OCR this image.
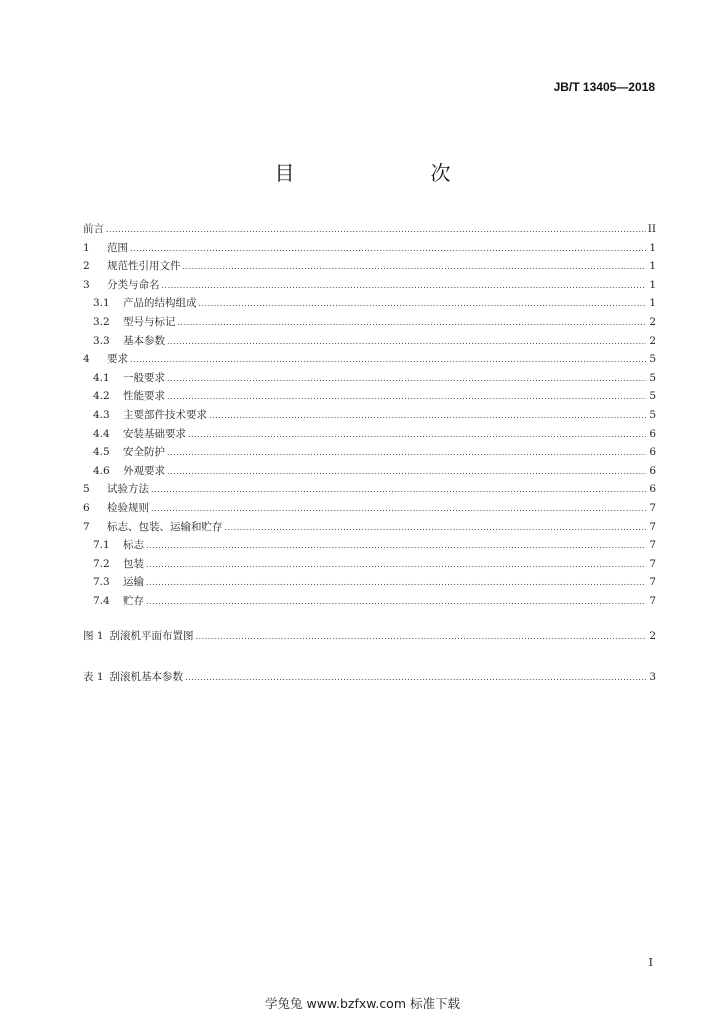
JB/T 13405—2018
目　　次
前言 .....	II
1	范围 .....	1
2	规范性引用文件 .....	1
3	分类与命名 .....	1
3.1	产品的结构组成 .....	1
3.2	型号与标记 .....	2
3.3	基本参数 .....	2
4	要求 .....	5
4.1	一般要求 .....	5
4.2	性能要求 .....	5
4.3	主要部件技术要求 .....	5
4.4	安装基础要求 .....	6
4.5	安全防护 .....	6
4.6	外观要求 .....	6
5	试验方法 .....	6
6	检验规则 .....	7
7	标志、包装、运输和贮存 .....	7
7.1	标志 .....	7
7.2	包装 .....	7
7.3	运输 .....	7
7.4	贮存 .....	7
图 1 刮滚机平面布置图 .....	2
表 1 刮滚机基本参数 .....	3
I
学兔兔 www.bzfxw.com 标准下载
